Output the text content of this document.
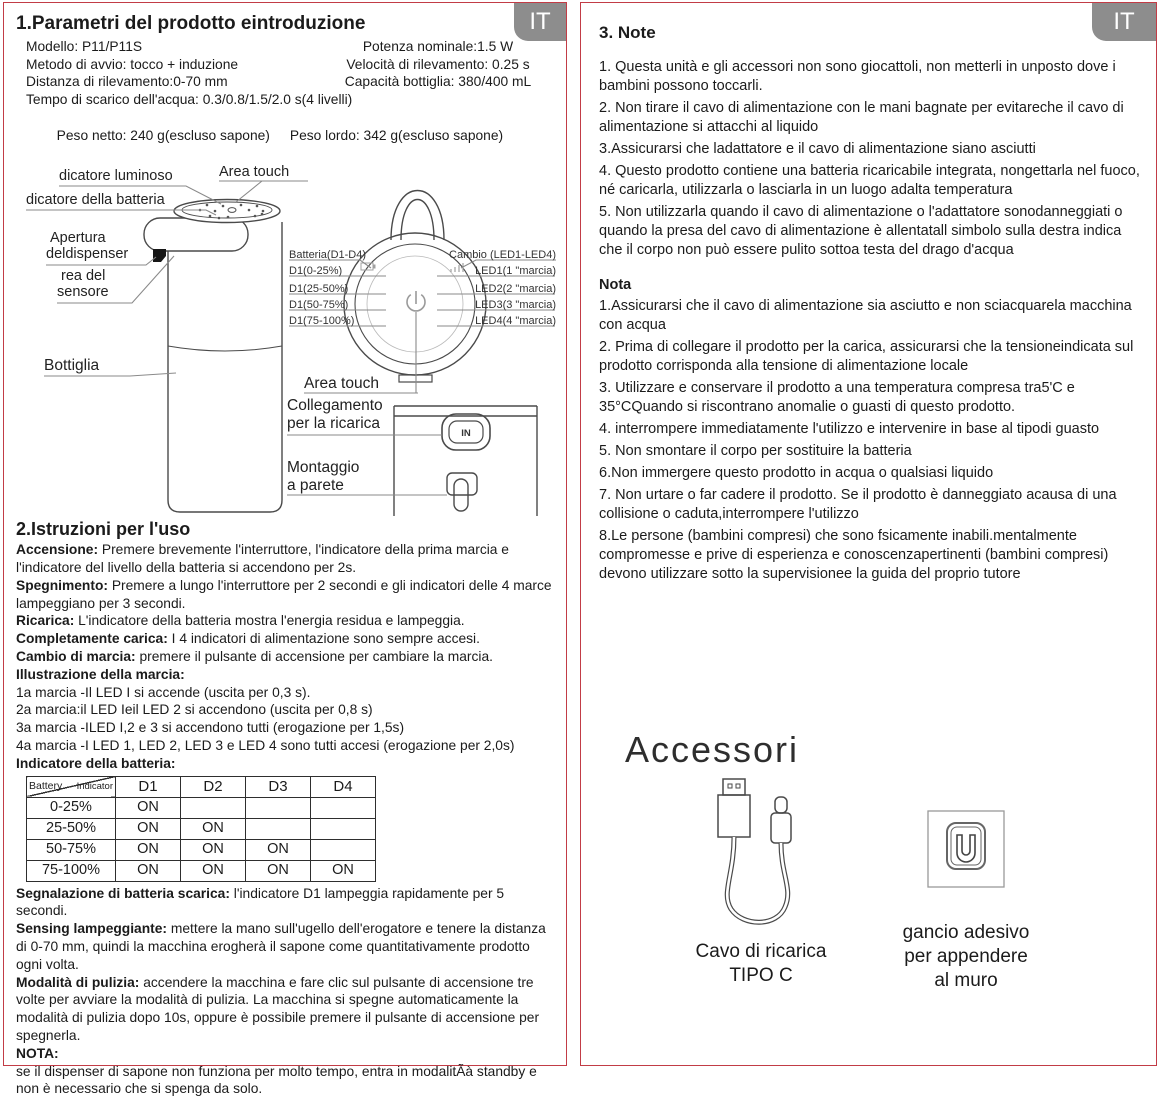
IT
1.Parametri del prodotto eintroduzione
Modello: P11/P11S	Potenza nominale:1.5 W
Metodo di avvio: tocco + induzione	Velocità di rilevamento: 0.25 s
Distanza di rilevamento:0-70 mm	Capacità bottiglia: 380/400 mL
Tempo di scarico dell'acqua: 0.3/0.8/1.5/2.0 s(4 livelli)

Peso netto: 240 g(escluso sapone) Peso lordo: 342 g(escluso sapone)

IN
dicatore luminoso	Area touch
dicatore della batteria
Apertura
deldispenser
rea del
sensore
Bottiglia
Batteria(D1-D4)
D1(0-25%)
D1(25-50%)
D1(50-75%)
D1(75-100%)
Cambio (LED1-LED4)
LED1(1 "marcia)
LED2(2 "marcia)
LED3(3 "marcia)
LED4(4 "marcia)
Area touch
Collegamento
per la ricarica
Montaggio
a parete
2.Istruzioni per l'uso

Accensione: Premere brevemente l'interruttore, l'indicatore della prima marcia e l'indicatore del livello della batteria si accendono per 2s.

Spegnimento: Premere a lungo l'interruttore per 2 secondi e gli indicatori delle 4 marce lampeggiano per 3 secondi.

Ricarica: L'indicatore della batteria mostra l'energia residua e lampeggia.

Completamente carica: I 4 indicatori di alimentazione sono sempre accesi.

Cambio di marcia: premere il pulsante di accensione per cambiare la marcia.

Illustrazione della marcia:
1a marcia -Il LED I si accende (uscita per 0,3 s).
2a marcia:il LED Ieil LED 2 si accendono (uscita per 0,8 s)
3a marcia -ILED I,2 e 3 si accendono tutti (erogazione per 1,5s)
4a marcia -I LED 1, LED 2, LED 3 e LED 4 sono tutti accesi (erogazione per 2,0s)
Indicatore della batteria:
Indicator
Battery	D1	D2	D3	D4
0-25%	ON			
25-50%	ON	ON		
50-75%	ON	ON	ON	
75-100%	ON	ON	ON	ON

Segnalazione di batteria scarica: l'indicatore D1 lampeggia rapidamente per 5 secondi.

Sensing lampeggiante: mettere la mano sull'ugello dell'erogatore e tenere la distanza di 0-70 mm, quindi la macchina erogherà il sapone come quantitativamente prodotto ogni volta.

Modalità di pulizia: accendere la macchina e fare clic sul pulsante di accensione tre volte per avviare la modalità di pulizia. La macchina si spegne automaticamente la modalità di pulizia dopo 10s, oppure è possibile premere il pulsante di accensione per spegnerla.

NOTA:
se il dispenser di sapone non funziona per molto tempo, entra in modalitÃà standby e non è necessario che si spenga da solo.
IT
3. Note

1. Questa unità e gli accessori non sono giocattoli, non metterli in unposto dove i bambini possono toccarli.

2. Non tirare il cavo di alimentazione con le mani bagnate per evitareche il cavo di alimentazione si attacchi al liquido

3.Assicurarsi che ladattatore e il cavo di alimentazione siano asciutti

4. Questo prodotto contiene una batteria ricaricabile integrata, nongettarla nel fuoco, né caricarla, utilizzarla o lasciarla in un luogo adalta temperatura

5. Non utilizzarla quando il cavo di alimentazione o l'adattatore sonodanneggiati o quando la presa del cavo di alimentazione è allentatall simbolo sulla destra indica che il corpo non può essere pulito sottoa testa del drago d'acqua

Nota

1.Assicurarsi che il cavo di alimentazione sia asciutto e non sciacquarela macchina con acqua

2. Prima di collegare il prodotto per la carica, assicurarsi che la tensioneindicata sul prodotto corrisponda alla tensione di alimentazione locale

3. Utilizzare e conservare il prodotto a una temperatura compresa tra5'C e 35°CQuando si riscontrano anomalie o guasti di questo prodotto.

4. interrompere immediatamente l'utilizzo e intervenire in base al tipodi guasto

5. Non smontare il corpo per sostituire la batteria

6.Non immergere questo prodotto in acqua o qualsiasi liquido

7. Non urtare o far cadere il prodotto. Se il prodotto è danneggiato acausa di una collisione o caduta,interrompere l'utilizzo

8.Le persone (bambini compresi) che sono fsicamente inabili.mentalmente compromesse e prive di esperienza e conoscenzapertinenti (bambini compresi) devono utilizzare sotto la supervisionee la guida del proprio tutore

Accessori
Cavo di ricarica
TIPO C
gancio adesivo
per appendere
al muro
